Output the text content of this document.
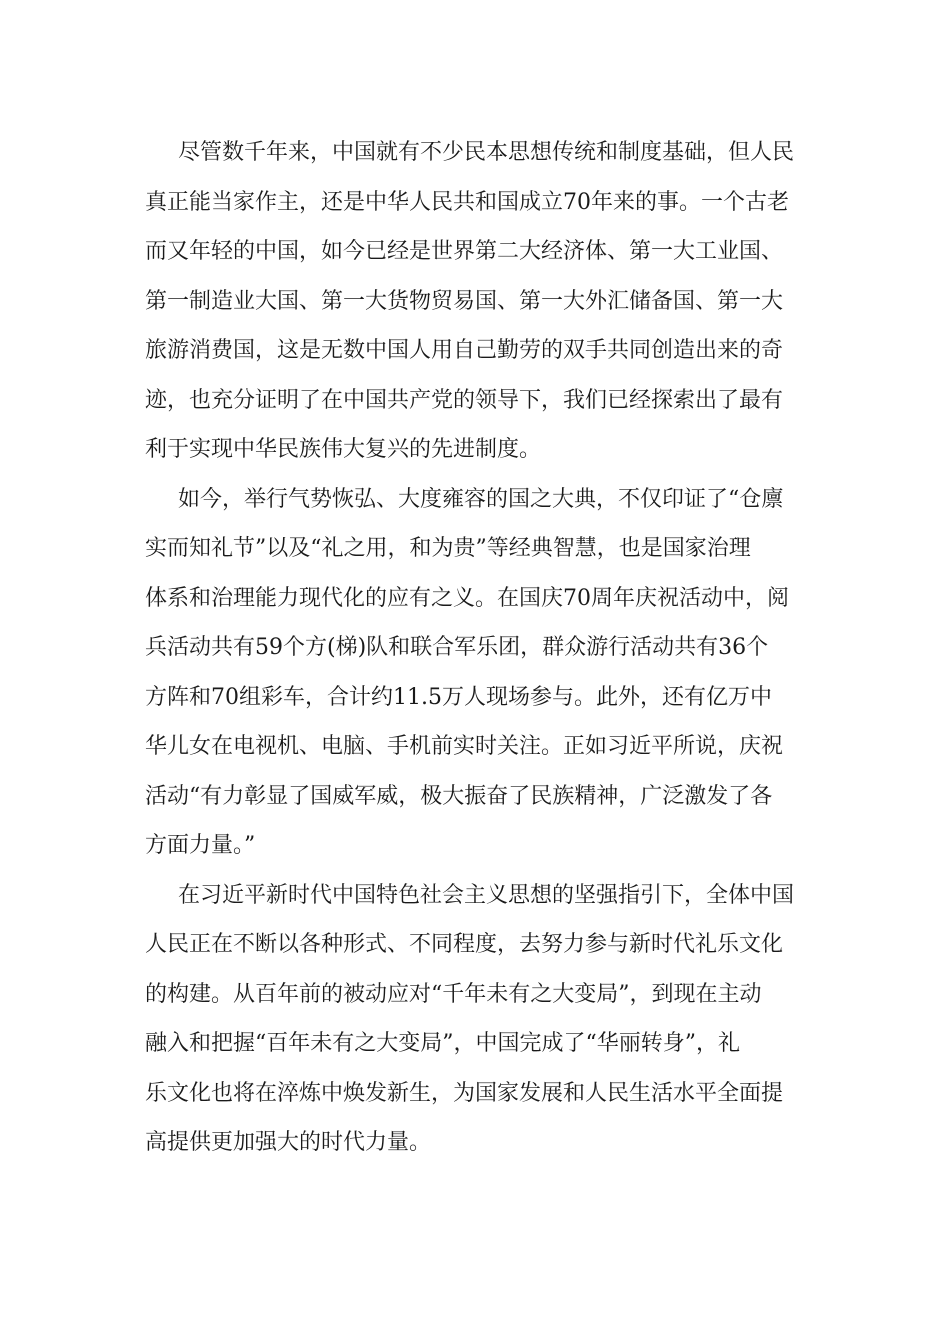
尽管数千年来，中国就有不少民本思想传统和制度基础，但人民
真正能当家作主，还是中华人民共和国成立70年来的事。一个古老
而又年轻的中国，如今已经是世界第二大经济体、第一大工业国、
第一制造业大国、第一大货物贸易国、第一大外汇储备国、第一大
旅游消费国，这是无数中国人用自己勤劳的双手共同创造出来的奇
迹，也充分证明了在中国共产党的领导下，我们已经探索出了最有
利于实现中华民族伟大复兴的先进制度。

如今，举行气势恢弘、大度雍容的国之大典，不仅印证了“仓廪
实而知礼节”以及“礼之用，和为贵”等经典智慧，也是国家治理
体系和治理能力现代化的应有之义。在国庆70周年庆祝活动中，阅
兵活动共有59个方(梯)队和联合军乐团，群众游行活动共有36个
方阵和70组彩车，合计约11.5万人现场参与。此外，还有亿万中
华儿女在电视机、电脑、手机前实时关注。正如习近平所说，庆祝
活动“有力彰显了国威军威，极大振奋了民族精神，广泛激发了各
方面力量。”

在习近平新时代中国特色社会主义思想的坚强指引下，全体中国
人民正在不断以各种形式、不同程度，去努力参与新时代礼乐文化
的构建。从百年前的被动应对“千年未有之大变局”，到现在主动
融入和把握“百年未有之大变局”，中国完成了“华丽转身”，礼
乐文化也将在淬炼中焕发新生，为国家发展和人民生活水平全面提
高提供更加强大的时代力量。
